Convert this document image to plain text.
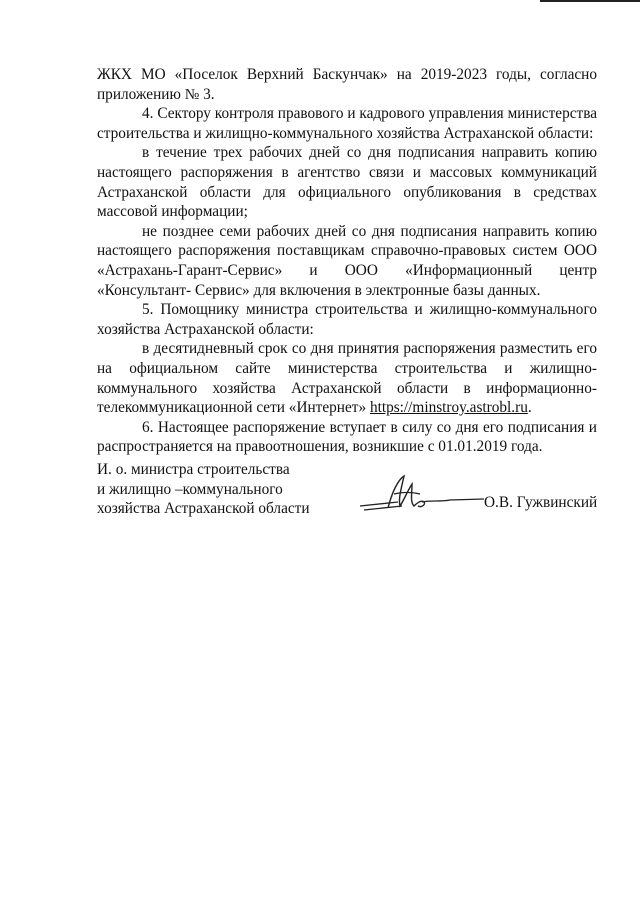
ЖКХ МО «Поселок Верхний Баскунчак» на 2019-2023 годы, согласно приложению № 3.

4. Сектору контроля правового и кадрового управления министерства строительства и жилищно-коммунального хозяйства Астраханской области:

в течение трех рабочих дней со дня подписания направить копию настоящего распоряжения в агентство связи и массовых коммуникаций Астраханской области для официального опубликования в средствах массовой информации;

не позднее семи рабочих дней со дня подписания направить копию настоящего распоряжения поставщикам справочно-правовых систем ООО «Астрахань-Гарант-Сервис» и ООО «Информационный центр «Консультант- Сервис» для включения в электронные базы данных.

5. Помощнику министра строительства и жилищно-коммунального хозяйства Астраханской области:

в десятидневный срок со дня принятия распоряжения разместить его на официальном сайте министерства строительства и жилищно-коммунального хозяйства Астраханской области в информационно-телекоммуникационной сети «Интернет» https://minstroy.astrobl.ru.

6. Настоящее распоряжение вступает в силу со дня его подписания и распространяется на правоотношения, возникшие с 01.01.2019 года.

И. о. министра строительства
и жилищно –коммунального
хозяйства Астраханской области	О.В. Гужвинский
